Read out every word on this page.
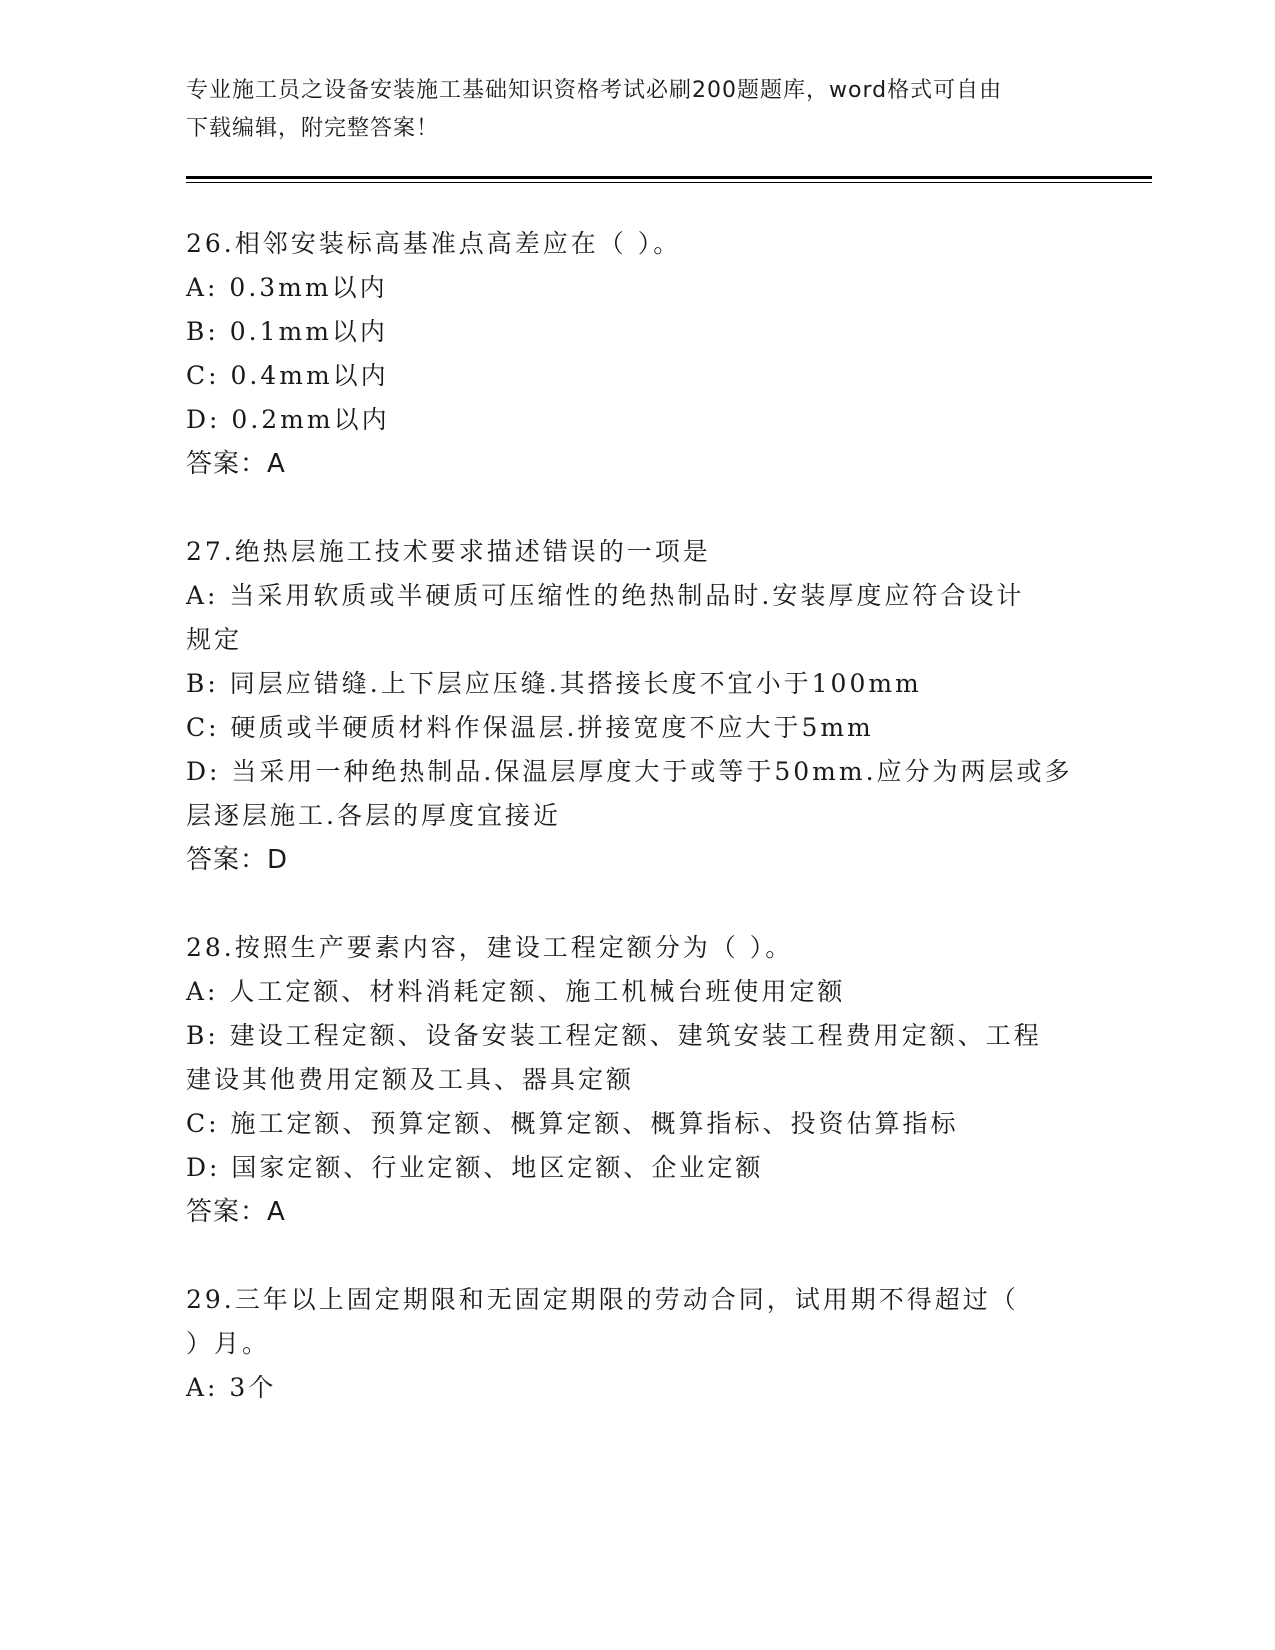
专业施工员之设备安装施工基础知识资格考试必刷200题题库，word格式可自由
下载编辑，附完整答案！
26.相邻安装标高基准点高差应在（ ）。
A: 0.3mm以内
B: 0.1mm以内
C: 0.4mm以内
D: 0.2mm以内
答案：A
27.绝热层施工技术要求描述错误的一项是
A: 当采用软质或半硬质可压缩性的绝热制品时.安装厚度应符合设计
规定
B: 同层应错缝.上下层应压缝.其搭接长度不宜小于100mm
C: 硬质或半硬质材料作保温层.拼接宽度不应大于5mm
D: 当采用一种绝热制品.保温层厚度大于或等于50mm.应分为两层或多
层逐层施工.各层的厚度宜接近
答案：D
28.按照生产要素内容，建设工程定额分为（ ）。
A: 人工定额、材料消耗定额、施工机械台班使用定额
B: 建设工程定额、设备安装工程定额、建筑安装工程费用定额、工程
建设其他费用定额及工具、器具定额
C: 施工定额、预算定额、概算定额、概算指标、投资估算指标
D: 国家定额、行业定额、地区定额、企业定额
答案：A
29.三年以上固定期限和无固定期限的劳动合同，试用期不得超过（
）月。
A: 3个
